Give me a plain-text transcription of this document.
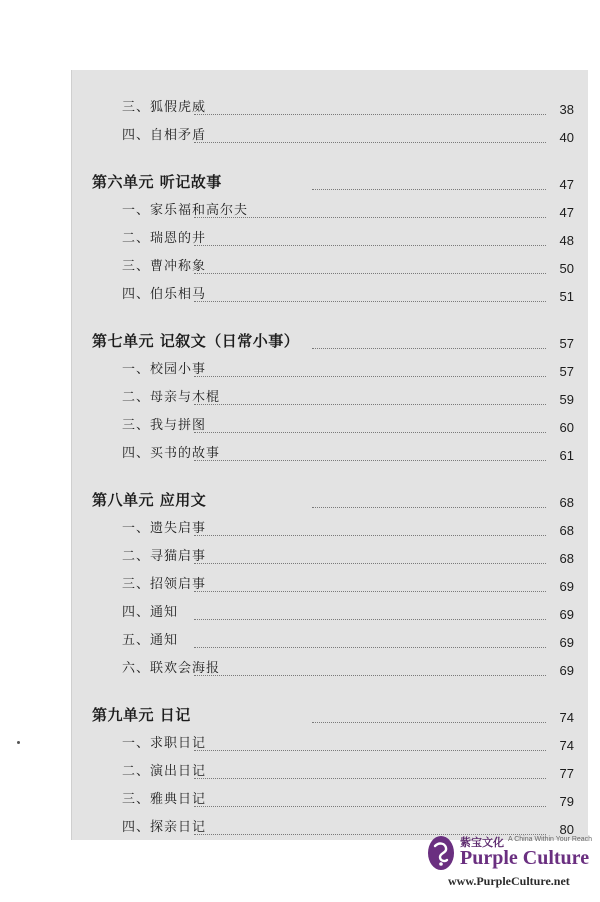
三、狐假虎威	38
四、自相矛盾	40
第六单元 听记故事	47
一、家乐福和高尔夫	47
二、瑞恩的井	48
三、曹冲称象	50
四、伯乐相马	51
第七单元 记叙文（日常小事）	57
一、校园小事	57
二、母亲与木棍	59
三、我与拼图	60
四、买书的故事	61
第八单元 应用文	68
一、遗失启事	68
二、寻猫启事	68
三、招领启事	69
四、通知	69
五、通知	69
六、联欢会海报	69
第九单元 日记	74
一、求职日记	74
二、演出日记	77
三、雅典日记	79
四、探亲日记	80
紫宝文化 A China Within Your Reach
Purple Culture
www.PurpleCulture.net
